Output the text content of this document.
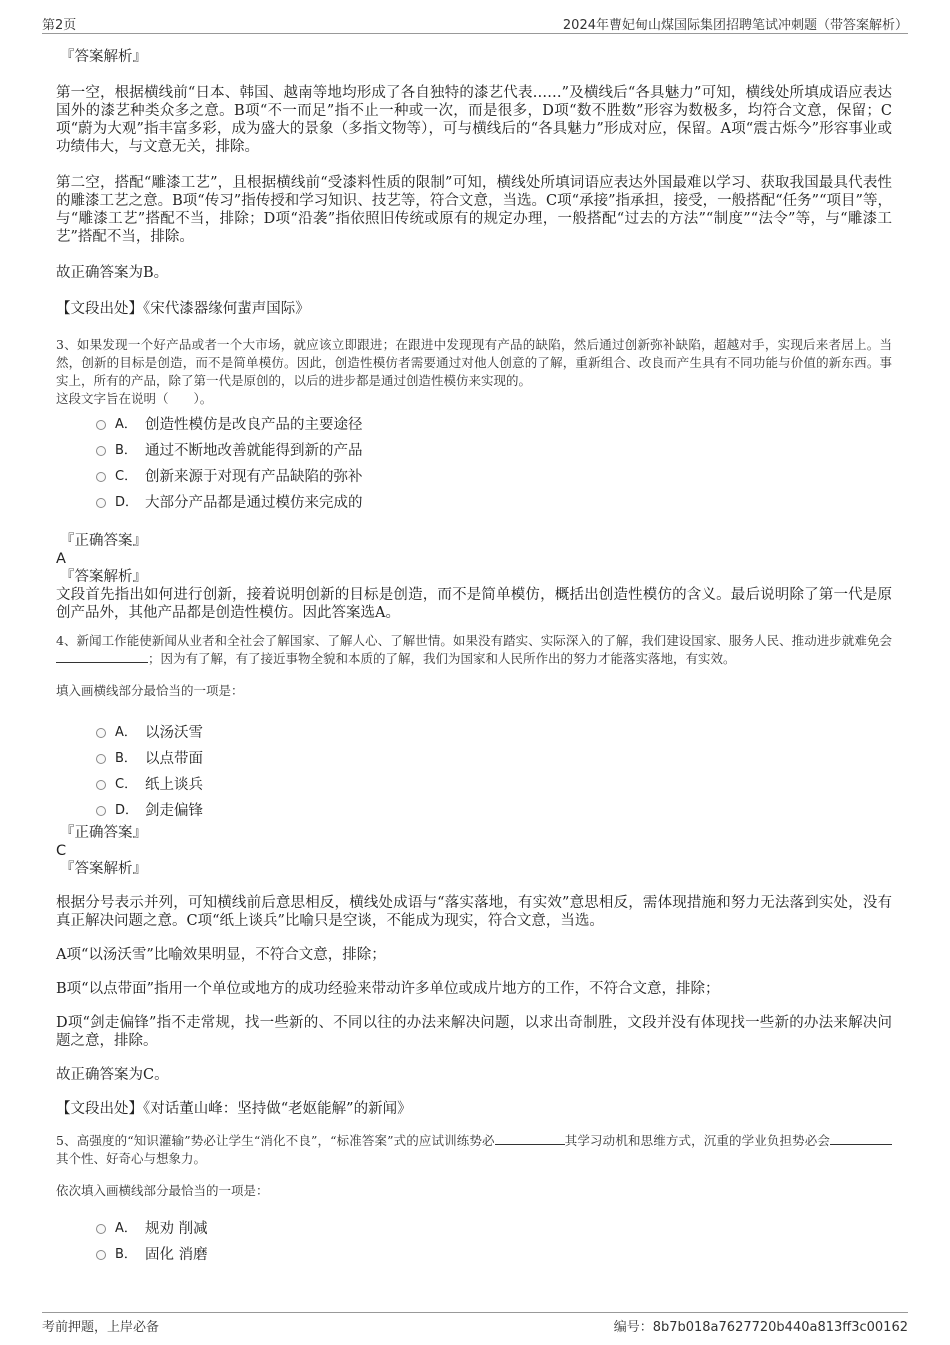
第2页	2024年曹妃甸山煤国际集团招聘笔试冲刺题（带答案解析）
『答案解析』
第一空，根据横线前“日本、韩国、越南等地均形成了各自独特的漆艺代表……”及横线后“各具魅力”可知，横线处所填成语应表达国外的漆艺种类众多之意。B项“不一而足”指不止一种或一次，而是很多，D项“数不胜数”形容为数极多，均符合文意，保留；C项“蔚为大观”指丰富多彩，成为盛大的景象（多指文物等），可与横线后的“各具魅力”形成对应，保留。A项“震古烁今”形容事业或功绩伟大，与文意无关，排除。
第二空，搭配“雕漆工艺”，且根据横线前“受漆料性质的限制”可知，横线处所填词语应表达外国最难以学习、获取我国最具代表性的雕漆工艺之意。B项“传习”指传授和学习知识、技艺等，符合文意，当选。C项“承接”指承担，接受，一般搭配“任务”“项目”等，与“雕漆工艺”搭配不当，排除；D项“沿袭”指依照旧传统或原有的规定办理，一般搭配“过去的方法”“制度”“法令”等，与“雕漆工艺”搭配不当，排除。
故正确答案为B。
【文段出处】《宋代漆器缘何蜚声国际》
3、如果发现一个好产品或者一个大市场，就应该立即跟进；在跟进中发现现有产品的缺陷，然后通过创新弥补缺陷，超越对手，实现后来者居上。当然，创新的目标是创造，而不是简单模仿。因此，创造性模仿者需要通过对他人创意的了解，重新组合、改良而产生具有不同功能与价值的新东西。事实上，所有的产品，除了第一代是原创的，以后的进步都是通过创造性模仿来实现的。
这段文字旨在说明（　　）。
A． 创造性模仿是改良产品的主要途径
B． 通过不断地改善就能得到新的产品
C． 创新来源于对现有产品缺陷的弥补
D． 大部分产品都是通过模仿来完成的
『正确答案』
A
『答案解析』
文段首先指出如何进行创新，接着说明创新的目标是创造，而不是简单模仿，概括出创造性模仿的含义。最后说明除了第一代是原创产品外，其他产品都是创造性模仿。因此答案选A。
4、新闻工作能使新闻从业者和全社会了解国家、了解人心、了解世情。如果没有踏实、实际深入的了解，我们建设国家、服务人民、推动进步就难免会；因为有了解，有了接近事物全貌和本质的了解，我们为国家和人民所作出的努力才能落实落地，有实效。
填入画横线部分最恰当的一项是：
A． 以汤沃雪
B． 以点带面
C． 纸上谈兵
D． 剑走偏锋
『正确答案』
C
『答案解析』
根据分号表示并列，可知横线前后意思相反，横线处成语与“落实落地，有实效”意思相反，需体现措施和努力无法落到实处，没有真正解决问题之意。C项“纸上谈兵”比喻只是空谈，不能成为现实，符合文意，当选。
A项“以汤沃雪”比喻效果明显，不符合文意，排除；
B项“以点带面”指用一个单位或地方的成功经验来带动许多单位或成片地方的工作，不符合文意，排除；
D项“剑走偏锋”指不走常规，找一些新的、不同以往的办法来解决问题，以求出奇制胜，文段并没有体现找一些新的办法来解决问题之意，排除。
故正确答案为C。
【文段出处】《对话董山峰：坚持做“老妪能解”的新闻》
5、高强度的“知识灌输”势必让学生“消化不良”，“标准答案”式的应试训练势必	其学习动机和思维方式，沉重的学业负担势必会其个性、好奇心与想象力。
依次填入画横线部分最恰当的一项是：
A． 规劝 削减
B． 固化 消磨
考前押题，上岸必备	编号：8b7b018a7627720b440a813ff3c00162
